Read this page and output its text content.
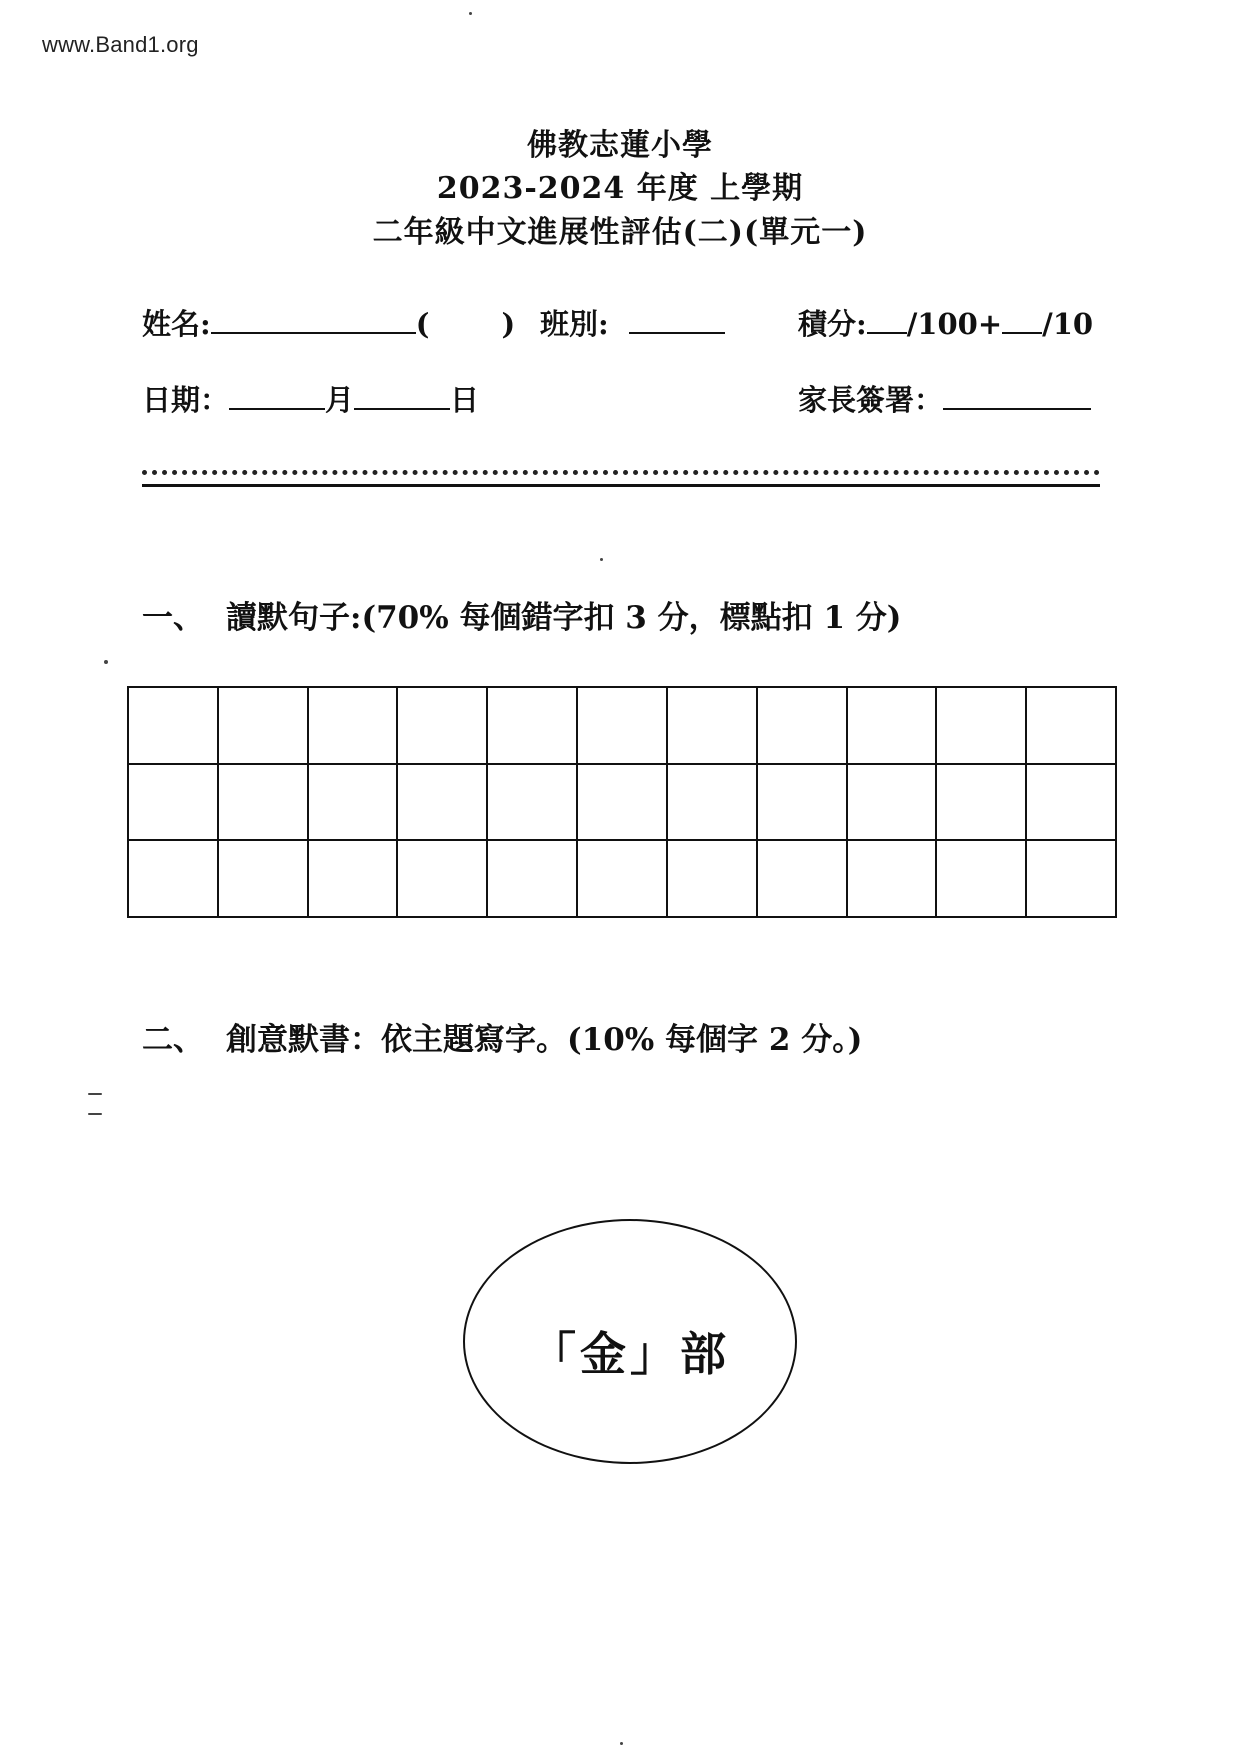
www.Band1.org
佛教志蓮小學
2023-2024 年度 上學期
二年級中文進展性評估(二)(單元一)
姓名:	( ) 班別:	積分: /100+ /10
日期：	月	日	家長簽署：
一、 讀默句子:(70% 每個錯字扣 3 分，標點扣 1 分)

二、 創意默書：依主題寫字。(10% 每個字 2 分。)
「金」部
